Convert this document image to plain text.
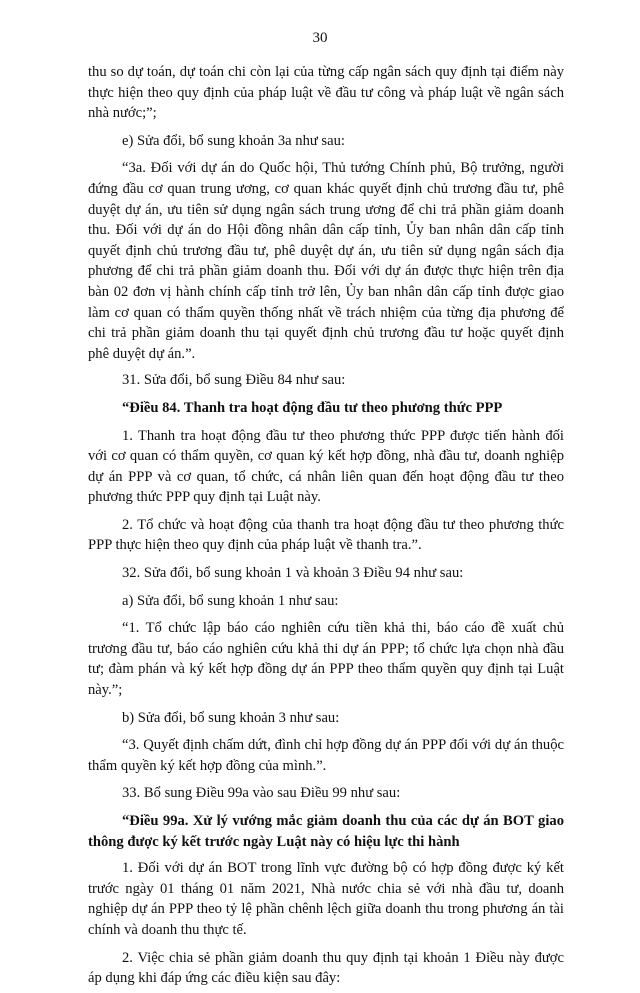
30

thu so dự toán, dự toán chi còn lại của từng cấp ngân sách quy định tại điểm này thực hiện theo quy định của pháp luật về đầu tư công và pháp luật về ngân sách nhà nước;”;

e) Sửa đổi, bổ sung khoản 3a như sau:

“3a. Đối với dự án do Quốc hội, Thủ tướng Chính phủ, Bộ trưởng, người đứng đầu cơ quan trung ương, cơ quan khác quyết định chủ trương đầu tư, phê duyệt dự án, ưu tiên sử dụng ngân sách trung ương để chi trả phần giảm doanh thu. Đối với dự án do Hội đồng nhân dân cấp tỉnh, Ủy ban nhân dân cấp tỉnh quyết định chủ trương đầu tư, phê duyệt dự án, ưu tiên sử dụng ngân sách địa phương để chi trả phần giảm doanh thu. Đối với dự án được thực hiện trên địa bàn 02 đơn vị hành chính cấp tỉnh trở lên, Ủy ban nhân dân cấp tỉnh được giao làm cơ quan có thẩm quyền thống nhất về trách nhiệm của từng địa phương để chi trả phần giảm doanh thu tại quyết định chủ trương đầu tư hoặc quyết định phê duyệt dự án.”.

31. Sửa đổi, bổ sung Điều 84 như sau:

“Điều 84. Thanh tra hoạt động đầu tư theo phương thức PPP

1. Thanh tra hoạt động đầu tư theo phương thức PPP được tiến hành đối với cơ quan có thẩm quyền, cơ quan ký kết hợp đồng, nhà đầu tư, doanh nghiệp dự án PPP và cơ quan, tổ chức, cá nhân liên quan đến hoạt động đầu tư theo phương thức PPP quy định tại Luật này.

2. Tổ chức và hoạt động của thanh tra hoạt động đầu tư theo phương thức PPP thực hiện theo quy định của pháp luật về thanh tra.”.

32. Sửa đổi, bổ sung khoản 1 và khoản 3 Điều 94 như sau:

a) Sửa đổi, bổ sung khoản 1 như sau:

“1. Tổ chức lập báo cáo nghiên cứu tiền khả thi, báo cáo đề xuất chủ trương đầu tư, báo cáo nghiên cứu khả thi dự án PPP; tổ chức lựa chọn nhà đầu tư; đàm phán và ký kết hợp đồng dự án PPP theo thẩm quyền quy định tại Luật này.”;

b) Sửa đổi, bổ sung khoản 3 như sau:

“3. Quyết định chấm dứt, đình chỉ hợp đồng dự án PPP đối với dự án thuộc thẩm quyền ký kết hợp đồng của mình.”.

33. Bổ sung Điều 99a vào sau Điều 99 như sau:

“Điều 99a. Xử lý vướng mắc giảm doanh thu của các dự án BOT giao thông được ký kết trước ngày Luật này có hiệu lực thi hành

1. Đối với dự án BOT trong lĩnh vực đường bộ có hợp đồng được ký kết trước ngày 01 tháng 01 năm 2021, Nhà nước chia sẻ với nhà đầu tư, doanh nghiệp dự án PPP theo tỷ lệ phần chênh lệch giữa doanh thu trong phương án tài chính và doanh thu thực tế.

2. Việc chia sẻ phần giảm doanh thu quy định tại khoản 1 Điều này được áp dụng khi đáp ứng các điều kiện sau đây:
